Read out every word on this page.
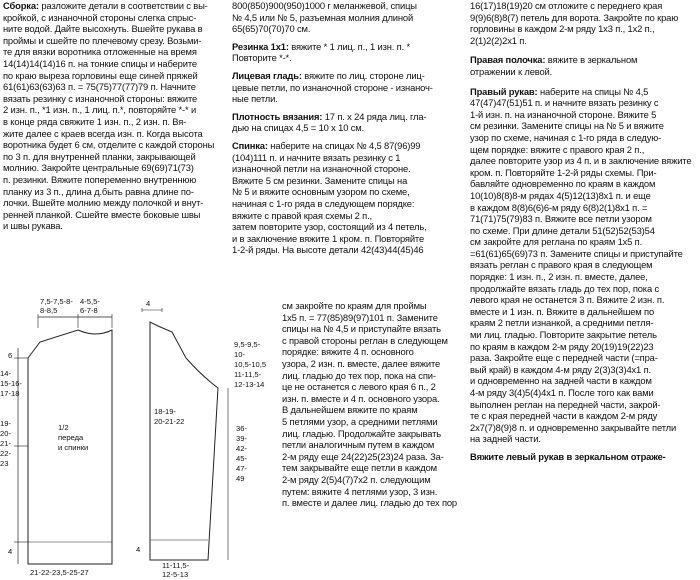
Сборка: разложите детали в соответствии с вы-
кройкой, с изнаночной стороны слегка спрыс-
ните водой. Дайте высохнуть. Вшейте рукава в
проймы и сшейте по плечевому срезу. Возьми-
те для вязки воротника отложенные на время
14(14)14(14)16 п. на тонкие спицы и наберите
по краю выреза горловины еще синей пряжей
61(61)63(63)63 п. = 75(75)77(77)79 п. Начните
вязать резинку с изнаночной стороны: вяжите
2 изн. п., *1 изн. п., 1 лиц. п.*, повторяйте *-* и
в конце ряда свяжите 1 изн. п., 2 изн. п. Вя-
жите далее с краев всегда изн. п. Когда высота
воротника будет 6 см, отделите с каждой стороны
по 3 п. для внутренней планки, закрывающей
молнию. Закройте центральные 69(69)71(73)
п. резинки. Вяжите попеременно внутреннюю
планку из 3 п., длина д.быть равна длине по-
лочки. Вшейте молнию между полочкой и внут-
ренней планкой. Сшейте вместе боковые швы
и швы рукава.
7,5-7,5-8-
8-8,5
4-5,5-
6-7-8
6
14-
15-16-
17-18
19-
20-
21-
22-
23
4
1/2
переда
и спинки
21-22-23,5-25-27
4
18-19-
20-21-22
4
11-11,5-
12-5-13
9,5-9,5-
10-
10,5-10,5
11-11,5-
12-13-14
36-
39-
42-
45-
47-
49
800(850)900(950)1000 г меланжевой, спицы
№ 4,5 или № 5, разъемная молния длиной
65(65)70(70)70 см.
Резинка 1х1: вяжите * 1 лиц. п., 1 изн. п. *
Повторите *-*.
Лицевая гладь: вяжите по лиц. стороне лиц-
цевые петли, по изнаночной стороне - изнаноч-
ные петли.
Плотность вязания: 17 п. х 24 ряда лиц. гла-
дью на спицах 4,5 = 10 х 10 см.
Спинка: наберите на спицах № 4,5 87(96)99
(104)111 п. и начните вязать резинку с 1
изнаночной петли на изнаночной стороне.
Вяжите 5 см резинки. Замените спицы на
№ 5 и вяжите основным узором по схеме,
начиная с 1-го ряда в следующем порядке:
вяжите с правой края схемы 2 п.,
затем повторите узор, состоящий из 4 петель,
и в заключение вяжите 1 кром. п. Повторяйте
1-2-й ряды. На высоте детали 42(43)44(45)46
см закройте по краям для проймы
1х5 п. = 77(85)89(97)101 п. Замените
спицы на № 4,5 и приступайте вязать
с правой стороны реглан в следующем
порядке: вяжите 4 п. основного
узора, 2 изн. п. вместе, далее вяжите
лиц. гладью до тех пор, пока на спи-
це не останется с левого края 6 п., 2
изн. п. вместе и 4 п. основного узора.
В дальнейшем вяжите по краям
5 петлями узор, а средними петлями
лиц. гладью. Продолжайте закрывать
петли аналогичным путем в каждом
2-м ряду еще 24(22)25(23)24 раза. За-
тем закрывайте еще петли в каждом
2-м ряду 2(5)4(7)7х2 п. следующим
путем: вяжите 4 петлями узор, 3 изн.
п. вместе и далее лиц. гладью до тех пор
16(17)18(19)20 см отложите с переднего края
9(9)6(8)8(7) петель для ворота. Закройте по краю
горловины в каждом 2-м ряду 1х3 п., 1х2 п.,
2(1)2(2)2х1 п.
Правая полочка: вяжите в зеркальном
отражении к левой.
Правый рукав: наберите на спицы № 4,5
47(47)47(51)51 п. и начните вязать резинку с
1-й изн. п. на изнаночной стороне. Вяжите 5
см резинки. Замените спицы на № 5 и вяжите
узор по схеме, начиная с 1-го ряда в следую-
щем порядке: вяжите с правого края 2 п.,
далее повторите узор из 4 п. и в заключение вяжите
кром. п. Повторяйте 1-2-й ряды схемы. При-
бавляйте одновременно по краям в каждом
10(10)8(8)8-м рядах 4(5)12(13)8х1 п. и еще
в каждом 8(8)6(6)6-м ряду 6(8)2(1)8х1 п. =
71(71)75(79)83 п. Вяжите все петли узором
по схеме. При длине детали 51(52)52(53)54
см закройте для реглана по краям 1х5 п.
=61(61)65(69)73 п. Замените спицы и приступайте
вязать реглан с правого края в следующем
порядке: 1 изн. п., 2 изн. п. вместе, далее,
продолжайте вязать гладь до тех пор, пока с
левого края не останется 3 п. Вяжите 2 изн. п.
вместе и 1 изн. п. Вяжите в дальнейшем по
краям 2 петли изнанкой, а средними петля-
ми лиц. гладью. Повторите закрытие петель
по краям в каждом 2-м ряду 20(19)19(22)23
раза. Закройте еще с передней части (=пра-
вый край) в каждом 4-м ряду 2(3)3(3)4х1 п.
и одновременно на задней части в каждом
4-м ряду 3(4)5(4)4х1 п. После того как вами
выполнен реглан на передней части, закрой-
те с края передней части в каждом 2-м ряду
2х7(7)8(9)8 п. и одновременно закрывайте петли
на задней части.
Вяжите левый рукав в зеркальном отраже-
